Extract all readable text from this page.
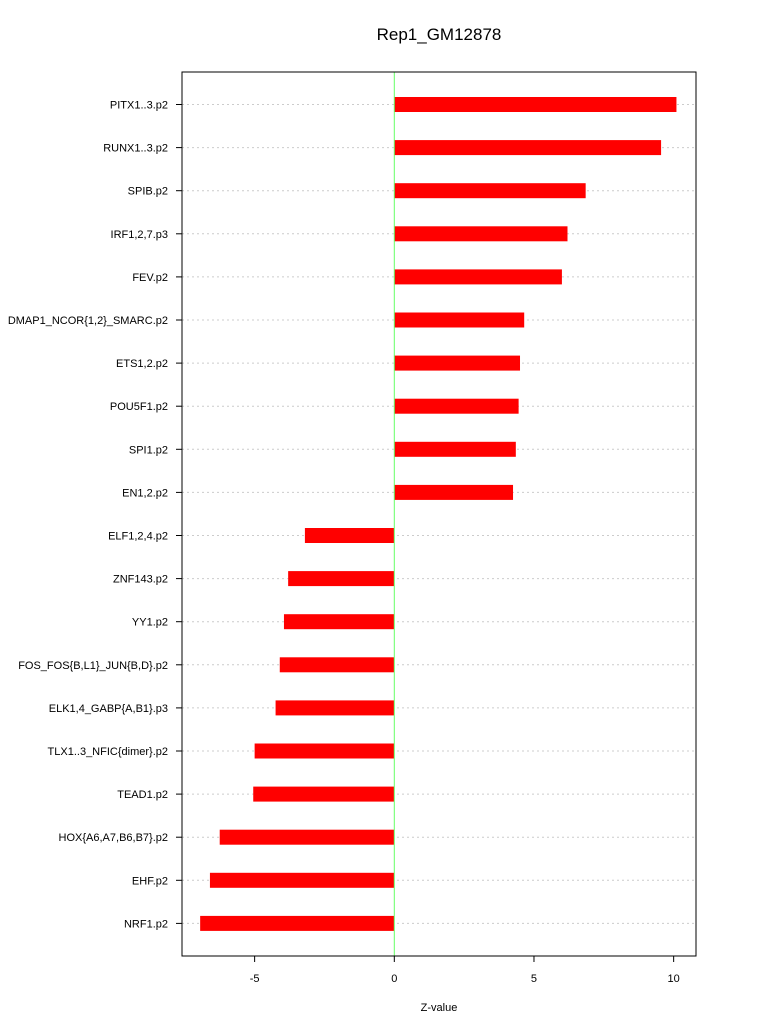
Rep1_GM12878
PITX1..3.p2
RUNX1..3.p2
SPIB.p2
IRF1,2,7.p3
FEV.p2
DMAP1_NCOR{1,2}_SMARC.p2
ETS1,2.p2
POU5F1.p2
SPI1.p2
EN1,2.p2
ELF1,2,4.p2
ZNF143.p2
YY1.p2
FOS_FOS{B,L1}_JUN{B,D}.p2
ELK1,4_GABP{A,B1}.p3
TLX1..3_NFIC{dimer}.p2
TEAD1.p2
HOX{A6,A7,B6,B7}.p2
EHF.p2
NRF1.p2
-5	0	5	10
Z-value
